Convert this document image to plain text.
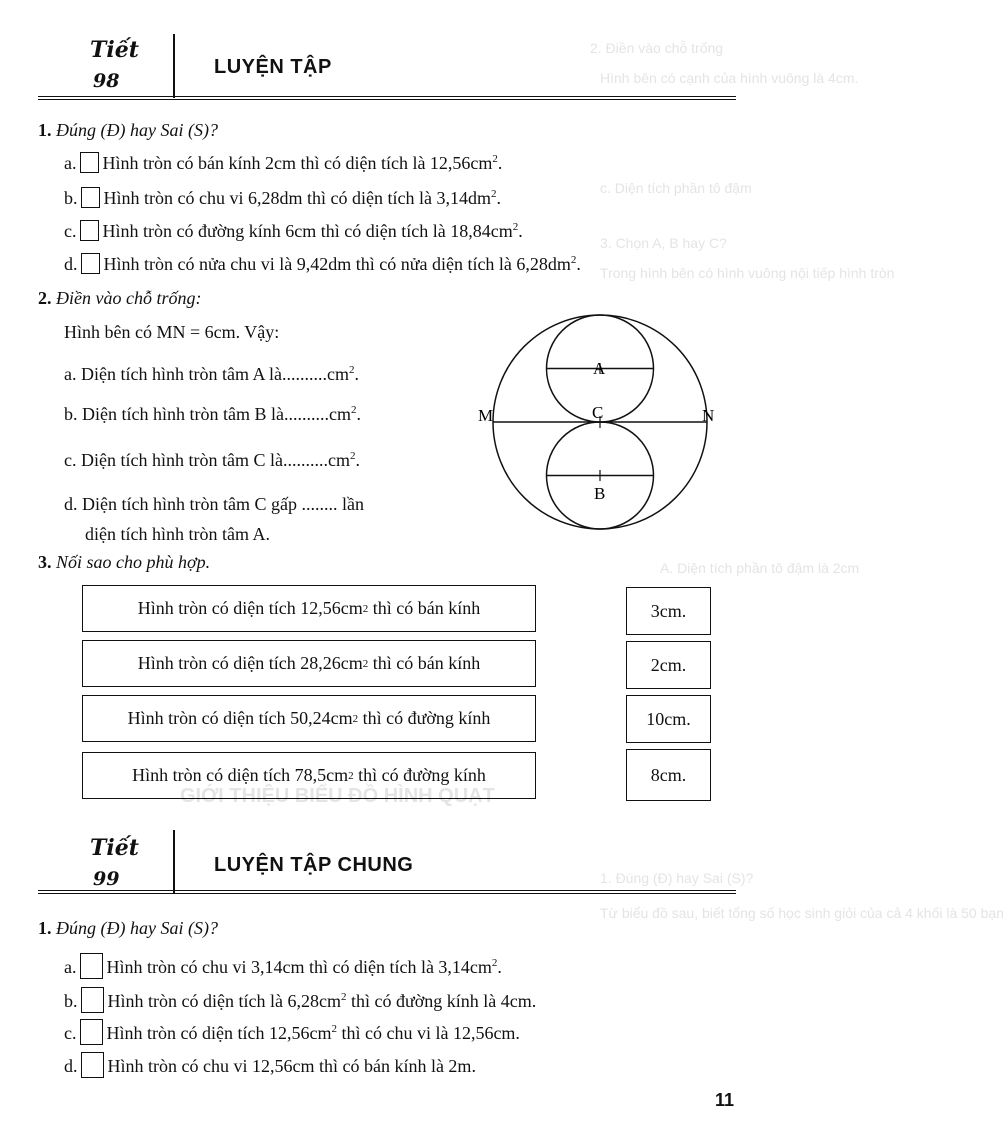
2. Điền vào chỗ trống
Hình bên có cạnh của hình vuông là 4cm.
c. Diện tích phần tô đậm
3. Chọn A, B hay C?
Trong hình bên có hình vuông nội tiếp hình tròn
A. Diện tích phần tô đậm là 2cm
GIỚI THIỆU BIỂU ĐỒ HÌNH QUẠT
1. Đúng (Đ) hay Sai (S)?
Từ biểu đồ sau, biết tổng số học sinh giỏi của cả 4 khối là 50 bạn
Tiết
98
LUYỆN TẬP
1. Đúng (Đ) hay Sai (S)?
a. Hình tròn có bán kính 2cm thì có diện tích là $12,56cm^2$.
b. Hình tròn có chu vi 6,28dm thì có diện tích là $3,14dm^2$.
c. Hình tròn có đường kính 6cm thì có diện tích là $18,84cm^2$.
d. Hình tròn có nửa chu vi là 9,42dm thì có nửa diện tích là $6,28dm^2$.
2. Điền vào chỗ trống:
Hình bên có MN = 6cm. Vậy:
a. Diện tích hình tròn tâm A $là..........cm^2$.
b. Diện tích hình tròn tâm B $là..........cm^2$.
c. Diện tích hình tròn tâm C $là..........cm^2$.
d. Diện tích hình tròn tâm C gấp ........ lần
diện tích hình tròn tâm A.
M	N
A
C
B
3. Nối sao cho phù hợp.
Hình tròn có diện tích 12,56cm 2 thì có bán kính
Hình tròn có diện tích 28,26cm 2 thì có bán kính
Hình tròn có diện tích 50,24cm 2 thì có đường kính
Hình tròn có diện tích 78,5cm 2 thì có đường kính
3cm.
2cm.
10cm.
8cm.
Tiết
99
LUYỆN TẬP CHUNG
1. Đúng (Đ) hay Sai (S)?
a. Hình tròn có chu vi 3,14cm thì có diện tích là $3,14cm^2$.
b. Hình tròn có diện tích là $6,28cm^2$ thì có đường kính là 4cm.
c. Hình tròn có diện tích $12,56cm^2$ thì có chu vi là 12,56cm.
d. Hình tròn có chu vi 12,56cm thì có bán kính là 2m.
11
